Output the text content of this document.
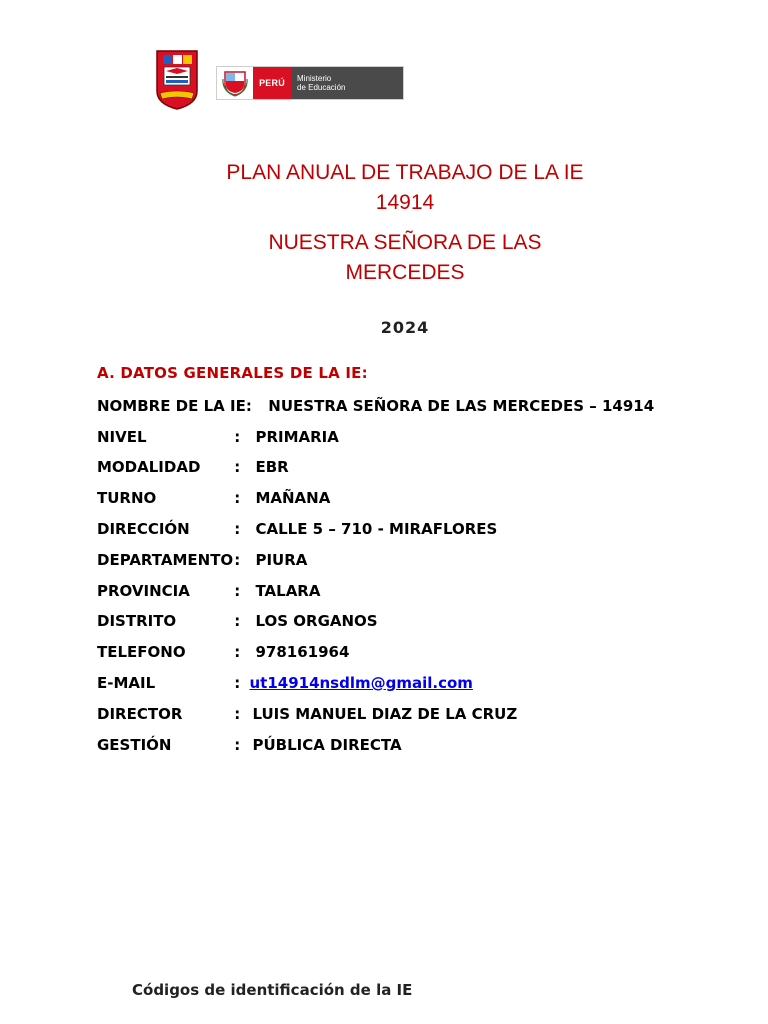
PERÚ	Ministerio
de Educación
PLAN ANUAL DE TRABAJO DE LA IE
14914
NUESTRA SEÑORA DE LAS
MERCEDES
2024
A. DATOS GENERALES DE LA IE:
NOMBRE DE LA IE: NUESTRA SEÑORA DE LAS MERCEDES – 14914
NIVEL	: PRIMARIA
MODALIDAD : EBR
TURNO	: MAÑANA
DIRECCIÓN	: CALLE 5 – 710 - MIRAFLORES
DEPARTAMENTO : PIURA
PROVINCIA	: TALARA
DISTRITO	: LOS ORGANOS
TELEFONO	: 978161964
E-MAIL	: ut14914nsdlm@gmail.com
DIRECTOR	: LUIS MANUEL DIAZ DE LA CRUZ
GESTIÓN	: PÚBLICA DIRECTA
Códigos de identificación de la IE
